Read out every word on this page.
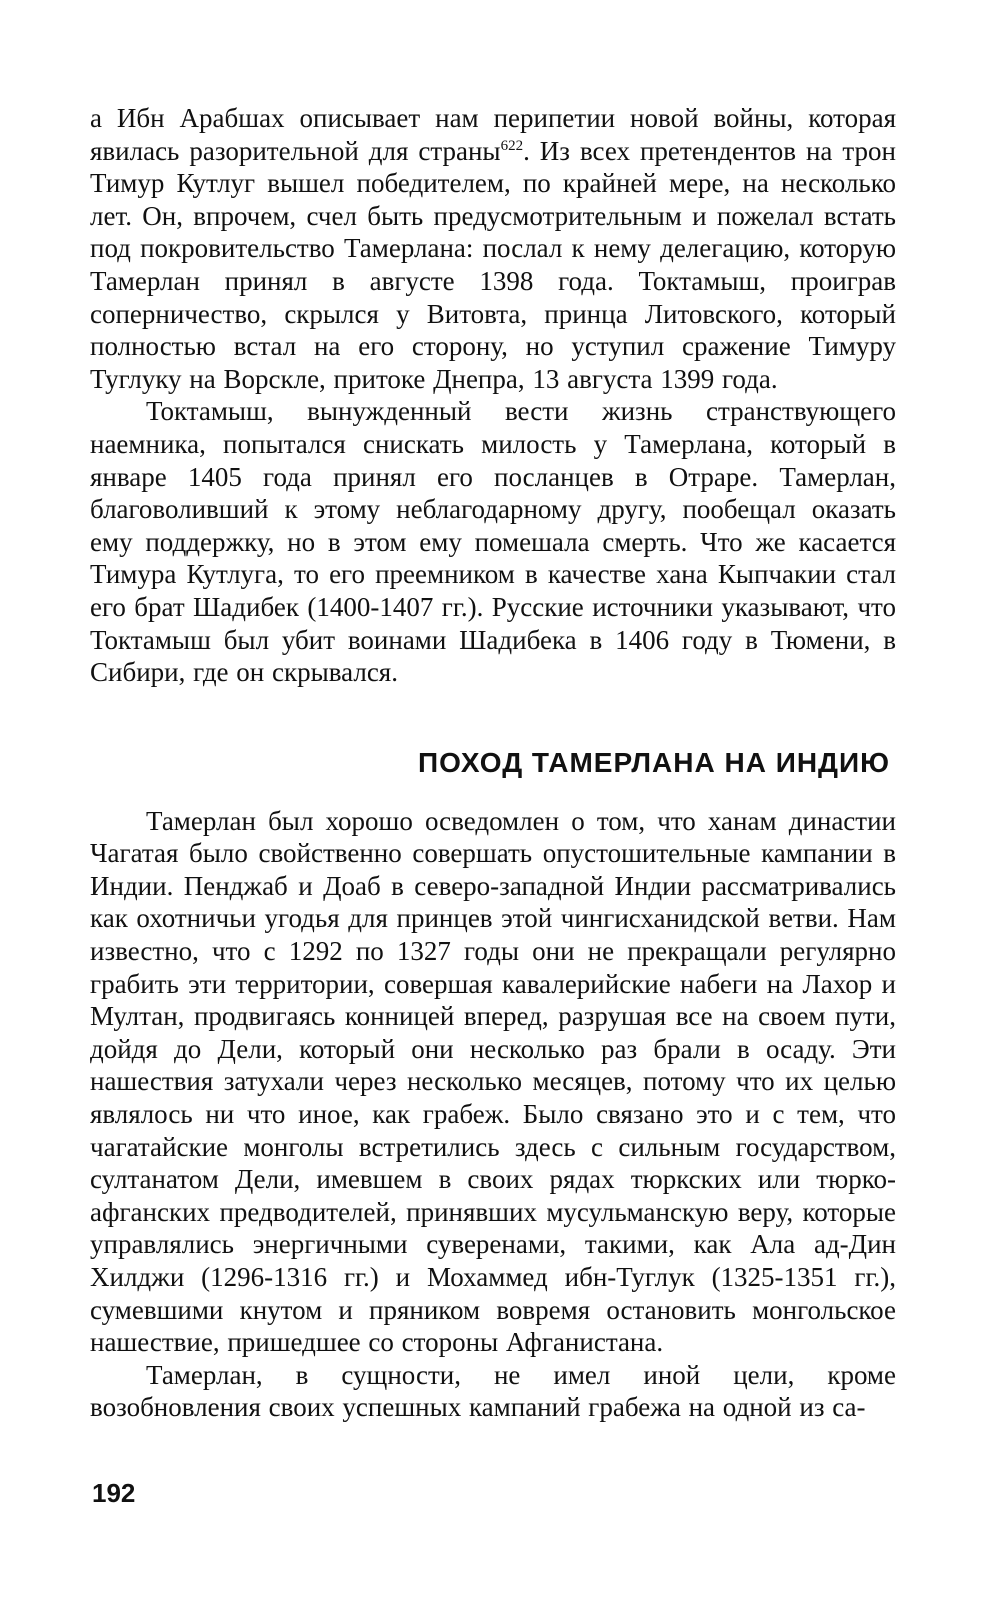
а Ибн Арабшах описывает нам перипетии новой войны, которая явилась разорительной для страны$^{622}$. Из всех претендентов на трон Тимур Кутлуг вышел победителем, по крайней мере, на несколько лет. Он, впрочем, счел быть предусмотрительным и пожелал встать под покровительство Тамерлана: послал к нему делегацию, которую Тамерлан принял в августе 1398 года. Токтамыш, проиграв соперничество, скрылся у Витовта, принца Литовского, который полностью встал на его сторону, но уступил сражение Тимуру Туглуку на Ворскле, притоке Днепра, 13 августа 1399 года.

Токтамыш, вынужденный вести жизнь странствующего наемника, попытался снискать милость у Тамерлана, который в январе 1405 года принял его посланцев в Отраре. Тамерлан, благоволивший к этому неблагодарному другу, пообещал оказать ему поддержку, но в этом ему помешала смерть. Что же касается Тимура Кутлуга, то его преемником в качестве хана Кыпчакии стал его брат Шадибек (1400-1407 гг.). Русские источники указывают, что Токтамыш был убит воинами Шадибека в 1406 году в Тюмени, в Сибири, где он скрывался.

ПОХОД ТАМЕРЛАНА НА ИНДИЮ

Тамерлан был хорошо осведомлен о том, что ханам династии Чагатая было свойственно совершать опустошительные кампании в Индии. Пенджаб и Доаб в северо-западной Индии рассматривались как охотничьи угодья для принцев этой чингисханидской ветви. Нам известно, что с 1292 по 1327 годы они не прекращали регулярно грабить эти территории, совершая кавалерийские набеги на Лахор и Мултан, продвигаясь конницей вперед, разрушая все на своем пути, дойдя до Дели, который они несколько раз брали в осаду. Эти нашествия затухали через несколько месяцев, потому что их целью являлось ни что иное, как грабеж. Было связано это и с тем, что чагатайские монголы встретились здесь с сильным государством, султанатом Дели, имевшем в своих рядах тюркских или тюрко-афганских предводителей, принявших мусульманскую веру, которые управлялись энергичными суверенами, такими, как Ала ад-Дин Хилджи (1296-1316 гг.) и Мохаммед ибн-Туглук (1325-1351 гг.), сумевшими кнутом и пряником вовремя остановить монгольское нашествие, пришедшее со стороны Афганистана.

Тамерлан, в сущности, не имел иной цели, кроме возобновления своих успешных кампаний грабежа на одной из са-

192
